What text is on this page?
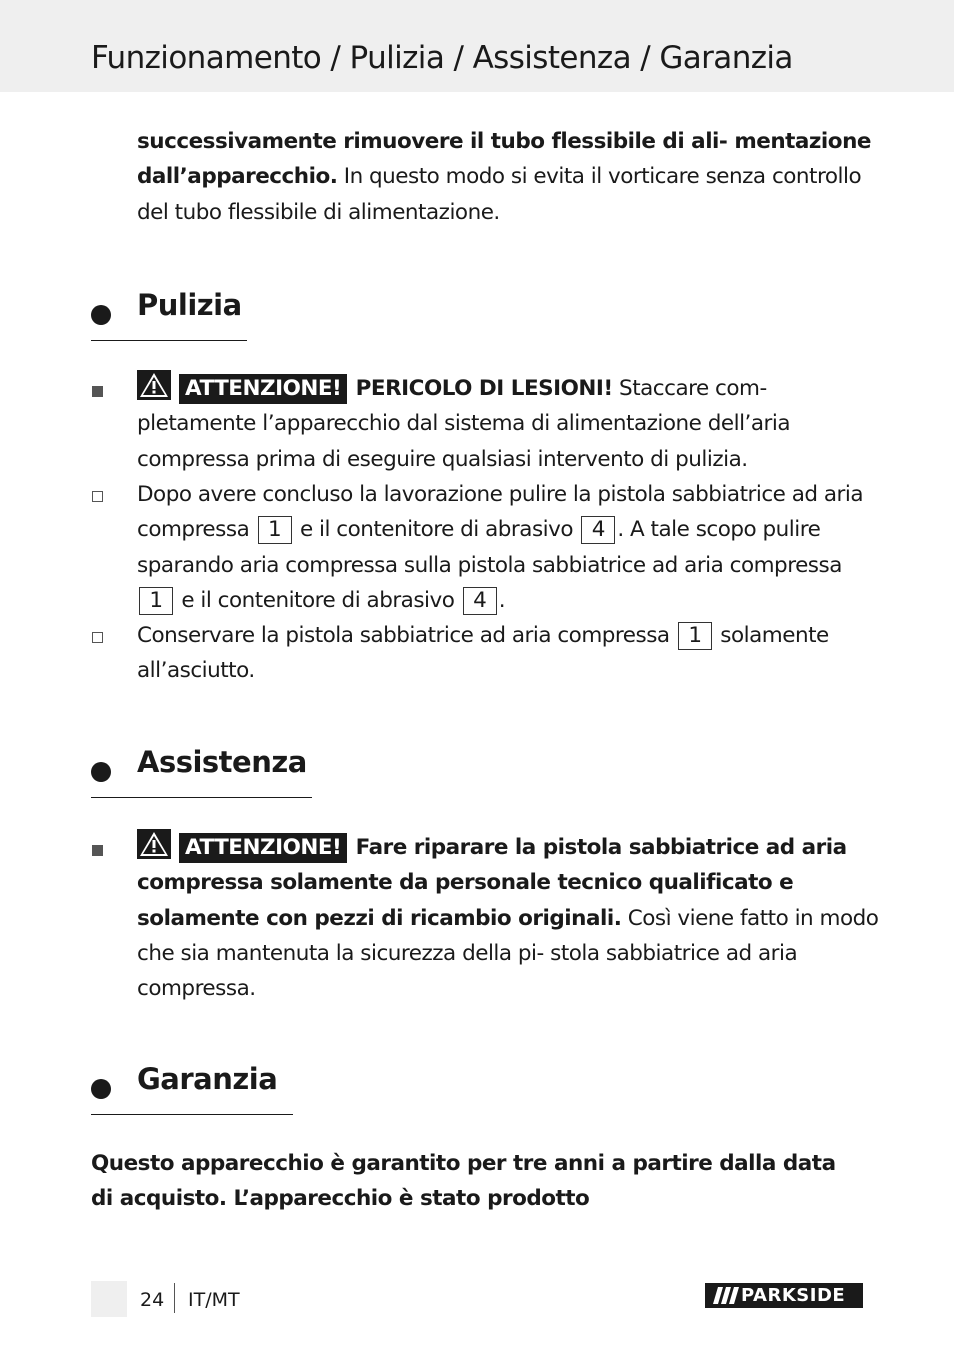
Funzionamento / Pulizia / Assistenza / Garanzia

successivamente rimuovere il tubo flessibile di ali- mentazione dall’apparecchio. In questo modo si evita il vorticare senza controllo del tubo flessibile di alimentazione.

Pulizia

ATTENZIONE! PERICOLO DI LESIONI! Staccare com- pletamente l’apparecchio dal sistema di alimentazione dell’aria compressa prima di eseguire qualsiasi intervento di pulizia.

Dopo avere concluso la lavorazione pulire la pistola sabbiatrice ad aria compressa 1 e il contenitore di abrasivo 4 . A tale scopo pulire sparando aria compressa sulla pistola sabbiatrice ad aria compressa 1 e il contenitore di abrasivo 4 .

Conservare la pistola sabbiatrice ad aria compressa 1 solamente all’asciutto.

Assistenza

ATTENZIONE! Fare riparare la pistola sabbiatrice ad aria compressa solamente da personale tecnico qualificato e solamente con pezzi di ricambio originali. Così viene fatto in modo che sia mantenuta la sicurezza della pi- stola sabbiatrice ad aria compressa.

Garanzia

Questo apparecchio è garantito per tre anni a partire dalla data di acquisto. L’apparecchio è stato prodotto

24 IT/MT	PARKSIDE
